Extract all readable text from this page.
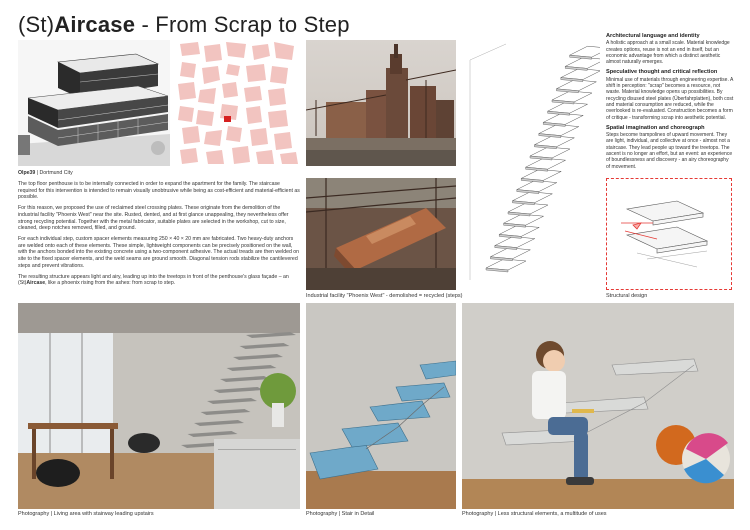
(St)Aircase - From Scrap to Step
Industrial facility "Phoenix West" - demolished = recycled (steps)

Olpe39 | Dortmund City

The top floor penthouse is to be internally connected in order to expand the apartment for the family. The staircase required for this intervention is intended to remain visually unobtrusive while being as cost-efficient and material-efficient as possible.

For this reason, we proposed the use of reclaimed steel crossing plates. These originate from the demolition of the industrial facility "Phoenix West" near the site. Rusted, dented, and at first glance unappealing, they nevertheless offer strong recycling potential. Together with the metal fabricator, suitable plates are selected in the workshop, cut to size, cleaned, deep notches removed, filled, and ground.

For each individual step, custom spacer elements measuring 250 × 40 × 20 mm are fabricated. Two heavy-duty anchors are welded onto each of these elements. These simple, lightweight components can be precisely positioned on the wall, with the anchors bonded into the existing concrete using a two-component adhesive. The actual treads are then welded on site to the fixed spacer elements, and the weld seams are ground smooth. Diagonal tension rods stabilize the cantilevered steps and prevent vibrations.

The resulting structure appears light and airy, leading up into the treetops in front of the penthouse's glass façade – an (St)Aircase, like a phoenix rising from the ashes: from scrap to step.

Architectural language and identity
A holistic approach at a small scale. Material knowledge creates options, reuse is not an end in itself, but an economic advantage from which a distinct aesthetic almost naturally emerges.
Speculative thought and critical reflection
Minimal use of materials through engineering expertise. A shift in perception: "scrap" becomes a resource, not waste. Material knowledge opens up possibilities. By recycling disused steel plates (Überfahrplatten), both cost and material consumption are reduced, while the overlooked is re-evaluated. Construction becomes a form of critique - transforming scrap into aesthetic potential.
Spatial imagination and choreograph
Steps become trampolines of upward movement. They are light, individual, and collective at once - almost not a staircase. They lead people up toward the treetops. The ascent is no longer an effort, but an event: an experience of boundlessness and discovery - an airy choreography of movement.
Structural design
Photography | Living area with stairway leading upstairs	Photography | Stair in Detail	Photography | Less structural elements, a multitude of uses
